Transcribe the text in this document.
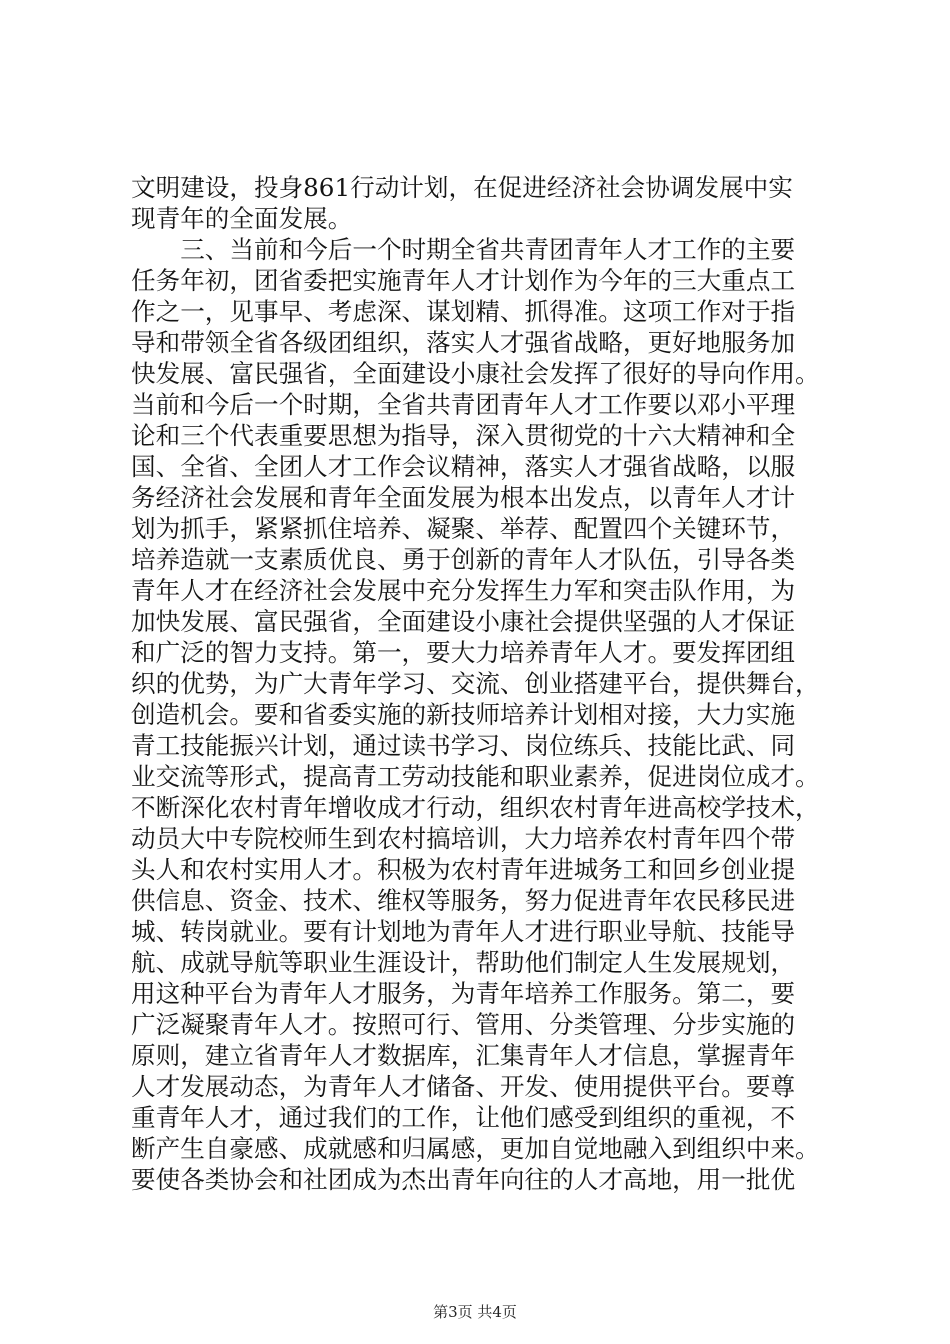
文明建设，投身861行动计划，在促进经济社会协调发展中实
现青年的全面发展。
　　三、当前和今后一个时期全省共青团青年人才工作的主要
任务年初，团省委把实施青年人才计划作为今年的三大重点工
作之一，见事早、考虑深、谋划精、抓得准。这项工作对于指
导和带领全省各级团组织，落实人才强省战略，更好地服务加
快发展、富民强省，全面建设小康社会发挥了很好的导向作用。
当前和今后一个时期，全省共青团青年人才工作要以邓小平理
论和三个代表重要思想为指导，深入贯彻党的十六大精神和全
国、全省、全团人才工作会议精神，落实人才强省战略，以服
务经济社会发展和青年全面发展为根本出发点，以青年人才计
划为抓手，紧紧抓住培养、凝聚、举荐、配置四个关键环节，
培养造就一支素质优良、勇于创新的青年人才队伍，引导各类
青年人才在经济社会发展中充分发挥生力军和突击队作用，为
加快发展、富民强省，全面建设小康社会提供坚强的人才保证
和广泛的智力支持。第一，要大力培养青年人才。要发挥团组
织的优势，为广大青年学习、交流、创业搭建平台，提供舞台，
创造机会。要和省委实施的新技师培养计划相对接，大力实施
青工技能振兴计划，通过读书学习、岗位练兵、技能比武、同
业交流等形式，提高青工劳动技能和职业素养，促进岗位成才。
不断深化农村青年增收成才行动，组织农村青年进高校学技术，
动员大中专院校师生到农村搞培训，大力培养农村青年四个带
头人和农村实用人才。积极为农村青年进城务工和回乡创业提
供信息、资金、技术、维权等服务，努力促进青年农民移民进
城、转岗就业。要有计划地为青年人才进行职业导航、技能导
航、成就导航等职业生涯设计，帮助他们制定人生发展规划，
用这种平台为青年人才服务，为青年培养工作服务。第二，要
广泛凝聚青年人才。按照可行、管用、分类管理、分步实施的
原则，建立省青年人才数据库，汇集青年人才信息，掌握青年
人才发展动态，为青年人才储备、开发、使用提供平台。要尊
重青年人才，通过我们的工作，让他们感受到组织的重视，不
断产生自豪感、成就感和归属感，更加自觉地融入到组织中来。
要使各类协会和社团成为杰出青年向往的人才高地，用一批优
第3页 共4页
